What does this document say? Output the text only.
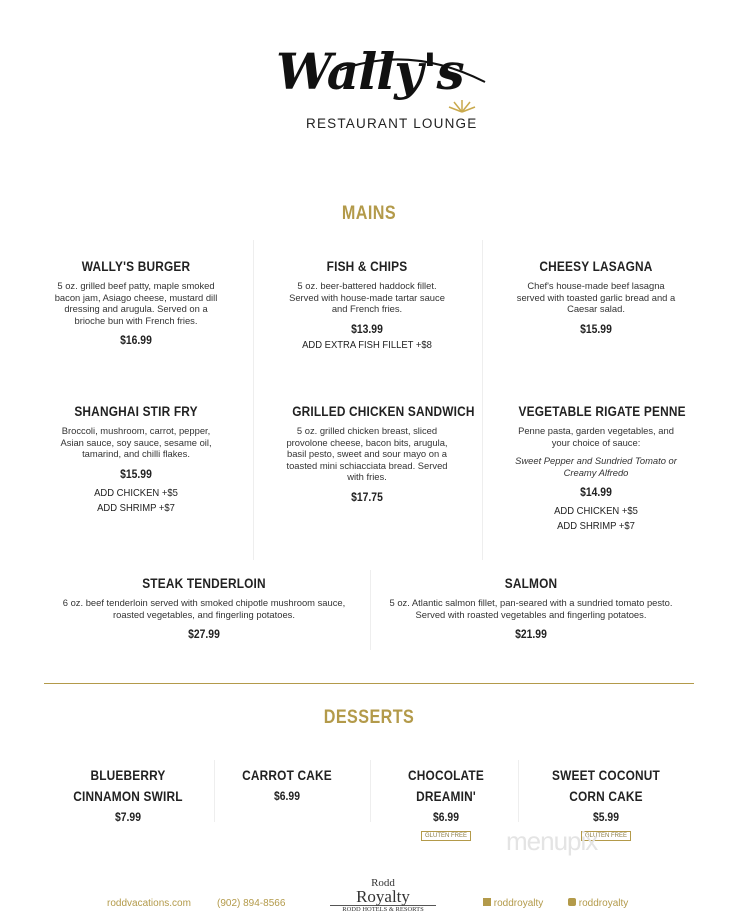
Wally's
RESTAURANT LOUNGE
MAINS
WALLY'S BURGER

5 oz. grilled beef patty, maple smoked bacon jam, Asiago cheese, mustard dill dressing and arugula. Served on a brioche bun with French fries.

$16.99
FISH & CHIPS

5 oz. beer-battered haddock fillet. Served with house-made tartar sauce and French fries.

$13.99
ADD EXTRA FISH FILLET +$8
CHEESY LASAGNA

Chef's house-made beef lasagna served with toasted garlic bread and a Caesar salad.

$15.99
SHANGHAI STIR FRY

Broccoli, mushroom, carrot, pepper, Asian sauce, soy sauce, sesame oil, tamarind, and chilli flakes.

$15.99
ADD CHICKEN +$5
ADD SHRIMP +$7
GRILLED CHICKEN SANDWICH

5 oz. grilled chicken breast, sliced provolone cheese, bacon bits, arugula, basil pesto, sweet and sour mayo on a toasted mini schiacciata bread. Served with fries.

$17.75
VEGETABLE RIGATE PENNE

Penne pasta, garden vegetables, and your choice of sauce:

Sweet Pepper and Sundried Tomato or Creamy Alfredo

$14.99
ADD CHICKEN +$5
ADD SHRIMP +$7
STEAK TENDERLOIN

6 oz. beef tenderloin served with smoked chipotle mushroom sauce, roasted vegetables, and fingerling potatoes.

$27.99
SALMON

5 oz. Atlantic salmon fillet, pan-seared with a sundried tomato pesto. Served with roasted vegetables and fingerling potatoes.

$21.99
DESSERTS
BLUEBERRY
CINNAMON SWIRL
$7.99
CARROT CAKE
$6.99
CHOCOLATE
DREAMIN'
$6.99
GLUTEN FREE
SWEET COCONUT
CORN CAKE
$5.99
GLUTEN FREE
menupix
roddvacations.com	(902) 894-8566
Rodd
Royalty
RODD HOTELS & RESORTS
roddroyalty	roddroyalty
